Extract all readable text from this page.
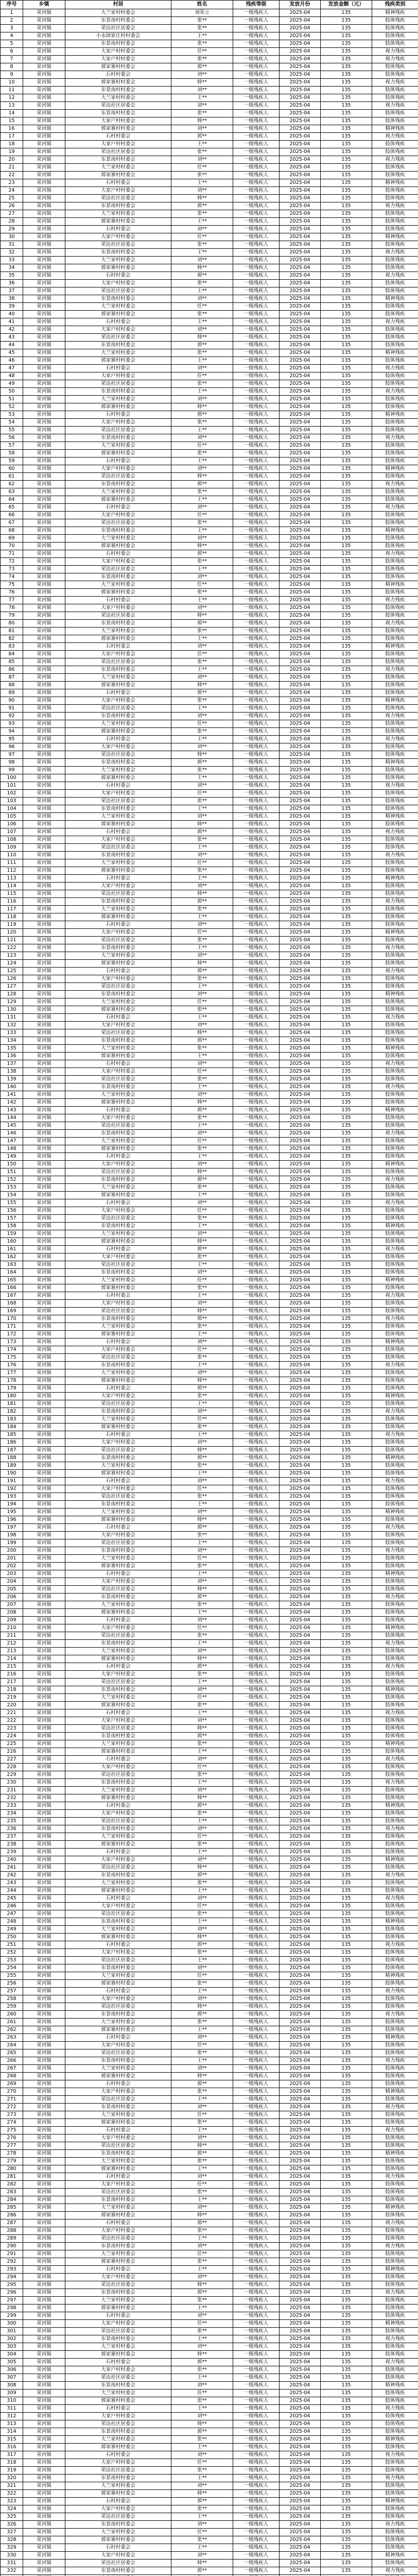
序号	乡镇	村居	姓名	残疾等级	发放月份	发放金额（元）	残疾类别
1	荣河镇	大兰家村村委会	刘荣立	一级残疾人	2025-04	135	精神残疾
2	荣河镇	东景南村村委会	张**	一级残疾人	2025-04	135	肢体残疾
3	荣河镇	荣达社区居委会	张**	一级残疾人	2025-04	135	肢体残疾
4	荣河镇	小永固家庄村村委会	王**	一级残疾人	2025-04	135	肢体残疾
5	荣河镇	东景南村村委会	张**	一级残疾人	2025-04	135	肢体残疾
6	荣河镇	大家户村村委会	任**	一级残疾人	2025-04	135	视力残疾
7	荣河镇	大家户村村委会	张**	一级残疾人	2025-04	135	视力残疾
8	荣河镇	郭家寨村村委会	郭**	一级残疾人	2025-04	135	肢体残疾
9	荣河镇	石村村委会	刘**	一级残疾人	2025-04	135	肢体残疾
10	荣河镇	郭家寨村村委会	韩**	一级残疾人	2025-04	135	视力残疾
11	荣河镇	东景南村村委会	刘**	一级残疾人	2025-04	135	肢体残疾
12	荣河镇	大兰家村村委会	王**	一级残疾人	2025-04	135	肢体残疾
13	荣河镇	荣达社区居委会	刘**	一级残疾人	2025-04	135	视力残疾
14	荣河镇	东景南村村委会	张**	一级残疾人	2025-04	135	肢体残疾
15	荣河镇	大家户村村委会	韩**	一级残疾人	2025-04	135	肢体残疾
16	荣河镇	郭家寨村村委会	刘**	一级残疾人	2025-04	135	精神残疾
17	荣河镇	石村村委会	郭**	一级残疾人	2025-04	135	视力残疾
18	荣河镇	大家户村村委会	王**	一级残疾人	2025-04	135	肢体残疾
19	荣河镇	荣达社区居委会	张**	一级残疾人	2025-04	135	肢体残疾
20	荣河镇	东景南村村委会	刘**	一级残疾人	2025-04	135	视力残疾
21	荣河镇	大兰家村村委会	任**	一级残疾人	2025-04	135	肢体残疾
22	荣河镇	郭家寨村村委会	张**	一级残疾人	2025-04	135	肢体残疾
23	荣河镇	石村村委会	王**	一级残疾人	2025-04	135	精神残疾
24	荣河镇	大家户村村委会	刘**	一级残疾人	2025-04	135	肢体残疾
25	荣河镇	荣达社区居委会	韩**	一级残疾人	2025-04	135	肢体残疾
26	荣河镇	东景南村村委会	郭**	一级残疾人	2025-04	135	视力残疾
27	荣河镇	大兰家村村委会	张**	一级残疾人	2025-04	135	肢体残疾
28	荣河镇	郭家寨村村委会	王**	一级残疾人	2025-04	135	肢体残疾
29	荣河镇	石村村委会	刘**	一级残疾人	2025-04	135	肢体残疾
30	荣河镇	大家户村村委会	任**	一级残疾人	2025-04	135	精神残疾
31	荣河镇	荣达社区居委会	张**	一级残疾人	2025-04	135	肢体残疾
32	荣河镇	东景南村村委会	王**	一级残疾人	2025-04	135	视力残疾
33	荣河镇	大兰家村村委会	刘**	一级残疾人	2025-04	135	肢体残疾
34	荣河镇	郭家寨村村委会	韩**	一级残疾人	2025-04	135	肢体残疾
35	荣河镇	石村村委会	郭**	一级残疾人	2025-04	135	视力残疾
36	荣河镇	大家户村村委会	张**	一级残疾人	2025-04	135	肢体残疾
37	荣河镇	荣达社区居委会	王**	一级残疾人	2025-04	135	肢体残疾
38	荣河镇	东景南村村委会	刘**	一级残疾人	2025-04	135	精神残疾
39	荣河镇	大兰家村村委会	任**	一级残疾人	2025-04	135	肢体残疾
40	荣河镇	郭家寨村村委会	张**	一级残疾人	2025-04	135	肢体残疾
41	荣河镇	石村村委会	王**	一级残疾人	2025-04	135	视力残疾
42	荣河镇	大家户村村委会	刘**	一级残疾人	2025-04	135	肢体残疾
43	荣河镇	荣达社区居委会	韩**	一级残疾人	2025-04	135	肢体残疾
44	荣河镇	东景南村村委会	郭**	一级残疾人	2025-04	135	肢体残疾
45	荣河镇	大兰家村村委会	张**	一级残疾人	2025-04	135	精神残疾
46	荣河镇	郭家寨村村委会	王**	一级残疾人	2025-04	135	肢体残疾
47	荣河镇	石村村委会	刘**	一级残疾人	2025-04	135	视力残疾
48	荣河镇	大家户村村委会	任**	一级残疾人	2025-04	135	肢体残疾
49	荣河镇	荣达社区居委会	张**	一级残疾人	2025-04	135	肢体残疾
50	荣河镇	东景南村村委会	王**	一级残疾人	2025-04	135	视力残疾
51	荣河镇	大兰家村村委会	刘**	一级残疾人	2025-04	135	肢体残疾
52	荣河镇	郭家寨村村委会	韩**	一级残疾人	2025-04	135	肢体残疾
53	荣河镇	石村村委会	郭**	一级残疾人	2025-04	135	精神残疾
54	荣河镇	大家户村村委会	张**	一级残疾人	2025-04	135	肢体残疾
55	荣河镇	荣达社区居委会	王**	一级残疾人	2025-04	135	肢体残疾
56	荣河镇	东景南村村委会	刘**	一级残疾人	2025-04	135	视力残疾
57	荣河镇	大兰家村村委会	任**	一级残疾人	2025-04	135	肢体残疾
58	荣河镇	郭家寨村村委会	张**	一级残疾人	2025-04	135	肢体残疾
59	荣河镇	石村村委会	王**	一级残疾人	2025-04	135	肢体残疾
60	荣河镇	大家户村村委会	刘**	一级残疾人	2025-04	135	精神残疾
61	荣河镇	荣达社区居委会	韩**	一级残疾人	2025-04	135	肢体残疾
62	荣河镇	东景南村村委会	郭**	一级残疾人	2025-04	135	视力残疾
63	荣河镇	大兰家村村委会	张**	一级残疾人	2025-04	135	肢体残疾
64	荣河镇	郭家寨村村委会	王**	一级残疾人	2025-04	135	肢体残疾
65	荣河镇	石村村委会	刘**	一级残疾人	2025-04	135	视力残疾
66	荣河镇	大家户村村委会	任**	一级残疾人	2025-04	135	肢体残疾
67	荣河镇	荣达社区居委会	张**	一级残疾人	2025-04	135	肢体残疾
68	荣河镇	东景南村村委会	王**	一级残疾人	2025-04	135	精神残疾
69	荣河镇	大兰家村村委会	刘**	一级残疾人	2025-04	135	肢体残疾
70	荣河镇	郭家寨村村委会	韩**	一级残疾人	2025-04	135	肢体残疾
71	荣河镇	石村村委会	郭**	一级残疾人	2025-04	135	视力残疾
72	荣河镇	大家户村村委会	张**	一级残疾人	2025-04	135	肢体残疾
73	荣河镇	荣达社区居委会	王**	一级残疾人	2025-04	135	肢体残疾
74	荣河镇	东景南村村委会	刘**	一级残疾人	2025-04	135	肢体残疾
75	荣河镇	大兰家村村委会	任**	一级残疾人	2025-04	135	精神残疾
76	荣河镇	郭家寨村村委会	张**	一级残疾人	2025-04	135	肢体残疾
77	荣河镇	石村村委会	王**	一级残疾人	2025-04	135	视力残疾
78	荣河镇	大家户村村委会	刘**	一级残疾人	2025-04	135	肢体残疾
79	荣河镇	荣达社区居委会	韩**	一级残疾人	2025-04	135	肢体残疾
80	荣河镇	东景南村村委会	郭**	一级残疾人	2025-04	135	视力残疾
81	荣河镇	大兰家村村委会	张**	一级残疾人	2025-04	135	肢体残疾
82	荣河镇	郭家寨村村委会	王**	一级残疾人	2025-04	135	肢体残疾
83	荣河镇	石村村委会	刘**	一级残疾人	2025-04	135	精神残疾
84	荣河镇	大家户村村委会	任**	一级残疾人	2025-04	135	肢体残疾
85	荣河镇	荣达社区居委会	张**	一级残疾人	2025-04	135	肢体残疾
86	荣河镇	东景南村村委会	王**	一级残疾人	2025-04	135	视力残疾
87	荣河镇	大兰家村村委会	刘**	一级残疾人	2025-04	135	肢体残疾
88	荣河镇	郭家寨村村委会	韩**	一级残疾人	2025-04	135	肢体残疾
89	荣河镇	石村村委会	郭**	一级残疾人	2025-04	135	肢体残疾
90	荣河镇	大家户村村委会	张**	一级残疾人	2025-04	135	精神残疾
91	荣河镇	荣达社区居委会	王**	一级残疾人	2025-04	135	肢体残疾
92	荣河镇	东景南村村委会	刘**	一级残疾人	2025-04	135	视力残疾
93	荣河镇	大兰家村村委会	任**	一级残疾人	2025-04	135	肢体残疾
94	荣河镇	郭家寨村村委会	张**	一级残疾人	2025-04	135	肢体残疾
95	荣河镇	石村村委会	王**	一级残疾人	2025-04	135	视力残疾
96	荣河镇	大家户村村委会	刘**	一级残疾人	2025-04	135	肢体残疾
97	荣河镇	荣达社区居委会	韩**	一级残疾人	2025-04	135	肢体残疾
98	荣河镇	东景南村村委会	郭**	一级残疾人	2025-04	135	精神残疾
99	荣河镇	大兰家村村委会	张**	一级残疾人	2025-04	135	肢体残疾
100	荣河镇	郭家寨村村委会	王**	一级残疾人	2025-04	135	肢体残疾
101	荣河镇	石村村委会	刘**	一级残疾人	2025-04	135	视力残疾
102	荣河镇	大家户村村委会	任**	一级残疾人	2025-04	135	肢体残疾
103	荣河镇	荣达社区居委会	张**	一级残疾人	2025-04	135	肢体残疾
104	荣河镇	东景南村村委会	王**	一级残疾人	2025-04	135	肢体残疾
105	荣河镇	大兰家村村委会	刘**	一级残疾人	2025-04	135	精神残疾
106	荣河镇	郭家寨村村委会	韩**	一级残疾人	2025-04	135	肢体残疾
107	荣河镇	石村村委会	郭**	一级残疾人	2025-04	135	视力残疾
108	荣河镇	大家户村村委会	张**	一级残疾人	2025-04	135	肢体残疾
109	荣河镇	荣达社区居委会	王**	一级残疾人	2025-04	135	肢体残疾
110	荣河镇	东景南村村委会	刘**	一级残疾人	2025-04	135	视力残疾
111	荣河镇	大兰家村村委会	任**	一级残疾人	2025-04	135	肢体残疾
112	荣河镇	郭家寨村村委会	张**	一级残疾人	2025-04	135	肢体残疾
113	荣河镇	石村村委会	王**	一级残疾人	2025-04	135	精神残疾
114	荣河镇	大家户村村委会	刘**	一级残疾人	2025-04	135	肢体残疾
115	荣河镇	荣达社区居委会	韩**	一级残疾人	2025-04	135	肢体残疾
116	荣河镇	东景南村村委会	郭**	一级残疾人	2025-04	135	视力残疾
117	荣河镇	大兰家村村委会	张**	一级残疾人	2025-04	135	肢体残疾
118	荣河镇	郭家寨村村委会	王**	一级残疾人	2025-04	135	肢体残疾
119	荣河镇	石村村委会	刘**	一级残疾人	2025-04	135	肢体残疾
120	荣河镇	大家户村村委会	任**	一级残疾人	2025-04	135	精神残疾
121	荣河镇	荣达社区居委会	张**	一级残疾人	2025-04	135	肢体残疾
122	荣河镇	东景南村村委会	王**	一级残疾人	2025-04	135	视力残疾
123	荣河镇	大兰家村村委会	刘**	一级残疾人	2025-04	135	肢体残疾
124	荣河镇	郭家寨村村委会	韩**	一级残疾人	2025-04	135	肢体残疾
125	荣河镇	石村村委会	郭**	一级残疾人	2025-04	135	视力残疾
126	荣河镇	大家户村村委会	张**	一级残疾人	2025-04	135	肢体残疾
127	荣河镇	荣达社区居委会	王**	一级残疾人	2025-04	135	肢体残疾
128	荣河镇	东景南村村委会	刘**	一级残疾人	2025-04	135	精神残疾
129	荣河镇	大兰家村村委会	任**	一级残疾人	2025-04	135	肢体残疾
130	荣河镇	郭家寨村村委会	张**	一级残疾人	2025-04	135	肢体残疾
131	荣河镇	石村村委会	王**	一级残疾人	2025-04	135	视力残疾
132	荣河镇	大家户村村委会	刘**	一级残疾人	2025-04	135	肢体残疾
133	荣河镇	荣达社区居委会	韩**	一级残疾人	2025-04	135	肢体残疾
134	荣河镇	东景南村村委会	郭**	一级残疾人	2025-04	135	肢体残疾
135	荣河镇	大兰家村村委会	张**	一级残疾人	2025-04	135	精神残疾
136	荣河镇	郭家寨村村委会	王**	一级残疾人	2025-04	135	肢体残疾
137	荣河镇	石村村委会	刘**	一级残疾人	2025-04	135	视力残疾
138	荣河镇	大家户村村委会	任**	一级残疾人	2025-04	135	肢体残疾
139	荣河镇	荣达社区居委会	张**	一级残疾人	2025-04	135	肢体残疾
140	荣河镇	东景南村村委会	王**	一级残疾人	2025-04	135	视力残疾
141	荣河镇	大兰家村村委会	刘**	一级残疾人	2025-04	135	肢体残疾
142	荣河镇	郭家寨村村委会	韩**	一级残疾人	2025-04	135	肢体残疾
143	荣河镇	石村村委会	郭**	一级残疾人	2025-04	135	精神残疾
144	荣河镇	大家户村村委会	张**	一级残疾人	2025-04	135	肢体残疾
145	荣河镇	荣达社区居委会	王**	一级残疾人	2025-04	135	肢体残疾
146	荣河镇	东景南村村委会	刘**	一级残疾人	2025-04	135	视力残疾
147	荣河镇	大兰家村村委会	任**	一级残疾人	2025-04	135	肢体残疾
148	荣河镇	郭家寨村村委会	张**	一级残疾人	2025-04	135	肢体残疾
149	荣河镇	石村村委会	王**	一级残疾人	2025-04	135	肢体残疾
150	荣河镇	大家户村村委会	刘**	一级残疾人	2025-04	135	精神残疾
151	荣河镇	荣达社区居委会	韩**	一级残疾人	2025-04	135	肢体残疾
152	荣河镇	东景南村村委会	郭**	一级残疾人	2025-04	135	视力残疾
153	荣河镇	大兰家村村委会	张**	一级残疾人	2025-04	135	肢体残疾
154	荣河镇	郭家寨村村委会	王**	一级残疾人	2025-04	135	肢体残疾
155	荣河镇	石村村委会	刘**	一级残疾人	2025-04	135	视力残疾
156	荣河镇	大家户村村委会	任**	一级残疾人	2025-04	135	肢体残疾
157	荣河镇	荣达社区居委会	张**	一级残疾人	2025-04	135	肢体残疾
158	荣河镇	东景南村村委会	王**	一级残疾人	2025-04	135	精神残疾
159	荣河镇	大兰家村村委会	刘**	一级残疾人	2025-04	135	肢体残疾
160	荣河镇	郭家寨村村委会	韩**	一级残疾人	2025-04	135	肢体残疾
161	荣河镇	石村村委会	郭**	一级残疾人	2025-04	135	视力残疾
162	荣河镇	大家户村村委会	张**	一级残疾人	2025-04	135	肢体残疾
163	荣河镇	荣达社区居委会	王**	一级残疾人	2025-04	135	肢体残疾
164	荣河镇	东景南村村委会	刘**	一级残疾人	2025-04	135	肢体残疾
165	荣河镇	大兰家村村委会	任**	一级残疾人	2025-04	135	精神残疾
166	荣河镇	郭家寨村村委会	张**	一级残疾人	2025-04	135	肢体残疾
167	荣河镇	石村村委会	王**	一级残疾人	2025-04	135	视力残疾
168	荣河镇	大家户村村委会	刘**	一级残疾人	2025-04	135	肢体残疾
169	荣河镇	荣达社区居委会	韩**	一级残疾人	2025-04	135	肢体残疾
170	荣河镇	东景南村村委会	郭**	一级残疾人	2025-04	135	视力残疾
171	荣河镇	大兰家村村委会	张**	一级残疾人	2025-04	135	肢体残疾
172	荣河镇	郭家寨村村委会	王**	一级残疾人	2025-04	135	肢体残疾
173	荣河镇	石村村委会	刘**	一级残疾人	2025-04	135	精神残疾
174	荣河镇	大家户村村委会	任**	一级残疾人	2025-04	135	肢体残疾
175	荣河镇	荣达社区居委会	张**	一级残疾人	2025-04	135	肢体残疾
176	荣河镇	东景南村村委会	王**	一级残疾人	2025-04	135	视力残疾
177	荣河镇	大兰家村村委会	刘**	一级残疾人	2025-04	135	肢体残疾
178	荣河镇	郭家寨村村委会	韩**	一级残疾人	2025-04	135	肢体残疾
179	荣河镇	石村村委会	郭**	一级残疾人	2025-04	135	肢体残疾
180	荣河镇	大家户村村委会	张**	一级残疾人	2025-04	135	精神残疾
181	荣河镇	荣达社区居委会	王**	一级残疾人	2025-04	135	肢体残疾
182	荣河镇	东景南村村委会	刘**	一级残疾人	2025-04	135	视力残疾
183	荣河镇	大兰家村村委会	任**	一级残疾人	2025-04	135	肢体残疾
184	荣河镇	郭家寨村村委会	张**	一级残疾人	2025-04	135	肢体残疾
185	荣河镇	石村村委会	王**	一级残疾人	2025-04	135	视力残疾
186	荣河镇	大家户村村委会	刘**	一级残疾人	2025-04	135	肢体残疾
187	荣河镇	荣达社区居委会	韩**	一级残疾人	2025-04	135	肢体残疾
188	荣河镇	东景南村村委会	郭**	一级残疾人	2025-04	135	精神残疾
189	荣河镇	大兰家村村委会	张**	一级残疾人	2025-04	135	肢体残疾
190	荣河镇	郭家寨村村委会	王**	一级残疾人	2025-04	135	肢体残疾
191	荣河镇	石村村委会	刘**	一级残疾人	2025-04	135	视力残疾
192	荣河镇	大家户村村委会	任**	一级残疾人	2025-04	135	肢体残疾
193	荣河镇	荣达社区居委会	张**	一级残疾人	2025-04	135	肢体残疾
194	荣河镇	东景南村村委会	王**	一级残疾人	2025-04	135	肢体残疾
195	荣河镇	大兰家村村委会	刘**	一级残疾人	2025-04	135	精神残疾
196	荣河镇	郭家寨村村委会	韩**	一级残疾人	2025-04	135	肢体残疾
197	荣河镇	石村村委会	郭**	一级残疾人	2025-04	135	视力残疾
198	荣河镇	大家户村村委会	张**	一级残疾人	2025-04	135	肢体残疾
199	荣河镇	荣达社区居委会	王**	一级残疾人	2025-04	135	肢体残疾
200	荣河镇	东景南村村委会	刘**	一级残疾人	2025-04	135	视力残疾
201	荣河镇	大兰家村村委会	任**	一级残疾人	2025-04	135	肢体残疾
202	荣河镇	郭家寨村村委会	张**	一级残疾人	2025-04	135	肢体残疾
203	荣河镇	石村村委会	王**	一级残疾人	2025-04	135	精神残疾
204	荣河镇	大家户村村委会	刘**	一级残疾人	2025-04	135	肢体残疾
205	荣河镇	荣达社区居委会	韩**	一级残疾人	2025-04	135	肢体残疾
206	荣河镇	东景南村村委会	郭**	一级残疾人	2025-04	135	视力残疾
207	荣河镇	大兰家村村委会	张**	一级残疾人	2025-04	135	肢体残疾
208	荣河镇	郭家寨村村委会	王**	一级残疾人	2025-04	135	肢体残疾
209	荣河镇	石村村委会	刘**	一级残疾人	2025-04	135	肢体残疾
210	荣河镇	大家户村村委会	任**	一级残疾人	2025-04	135	精神残疾
211	荣河镇	荣达社区居委会	张**	一级残疾人	2025-04	135	肢体残疾
212	荣河镇	东景南村村委会	王**	一级残疾人	2025-04	135	视力残疾
213	荣河镇	大兰家村村委会	刘**	一级残疾人	2025-04	135	肢体残疾
214	荣河镇	郭家寨村村委会	韩**	一级残疾人	2025-04	135	肢体残疾
215	荣河镇	石村村委会	郭**	一级残疾人	2025-04	135	视力残疾
216	荣河镇	大家户村村委会	张**	一级残疾人	2025-04	135	肢体残疾
217	荣河镇	荣达社区居委会	王**	一级残疾人	2025-04	135	肢体残疾
218	荣河镇	东景南村村委会	刘**	一级残疾人	2025-04	135	精神残疾
219	荣河镇	大兰家村村委会	任**	一级残疾人	2025-04	135	肢体残疾
220	荣河镇	郭家寨村村委会	张**	一级残疾人	2025-04	135	肢体残疾
221	荣河镇	石村村委会	王**	一级残疾人	2025-04	135	视力残疾
222	荣河镇	大家户村村委会	刘**	一级残疾人	2025-04	135	肢体残疾
223	荣河镇	荣达社区居委会	韩**	一级残疾人	2025-04	135	肢体残疾
224	荣河镇	东景南村村委会	郭**	一级残疾人	2025-04	135	肢体残疾
225	荣河镇	大兰家村村委会	张**	一级残疾人	2025-04	135	精神残疾
226	荣河镇	郭家寨村村委会	王**	一级残疾人	2025-04	135	肢体残疾
227	荣河镇	石村村委会	刘**	一级残疾人	2025-04	135	视力残疾
228	荣河镇	大家户村村委会	任**	一级残疾人	2025-04	135	肢体残疾
229	荣河镇	荣达社区居委会	张**	一级残疾人	2025-04	135	肢体残疾
230	荣河镇	东景南村村委会	王**	一级残疾人	2025-04	135	视力残疾
231	荣河镇	大兰家村村委会	刘**	一级残疾人	2025-04	135	肢体残疾
232	荣河镇	郭家寨村村委会	韩**	一级残疾人	2025-04	135	肢体残疾
233	荣河镇	石村村委会	郭**	一级残疾人	2025-04	135	精神残疾
234	荣河镇	大家户村村委会	张**	一级残疾人	2025-04	135	肢体残疾
235	荣河镇	荣达社区居委会	王**	一级残疾人	2025-04	135	肢体残疾
236	荣河镇	东景南村村委会	刘**	一级残疾人	2025-04	135	视力残疾
237	荣河镇	大兰家村村委会	任**	一级残疾人	2025-04	135	肢体残疾
238	荣河镇	郭家寨村村委会	张**	一级残疾人	2025-04	135	肢体残疾
239	荣河镇	石村村委会	王**	一级残疾人	2025-04	135	肢体残疾
240	荣河镇	大家户村村委会	刘**	一级残疾人	2025-04	135	精神残疾
241	荣河镇	荣达社区居委会	韩**	一级残疾人	2025-04	135	肢体残疾
242	荣河镇	东景南村村委会	郭**	一级残疾人	2025-04	135	视力残疾
243	荣河镇	大兰家村村委会	张**	一级残疾人	2025-04	135	肢体残疾
244	荣河镇	郭家寨村村委会	王**	一级残疾人	2025-04	135	肢体残疾
245	荣河镇	石村村委会	刘**	一级残疾人	2025-04	135	视力残疾
246	荣河镇	大家户村村委会	任**	一级残疾人	2025-04	135	肢体残疾
247	荣河镇	荣达社区居委会	张**	一级残疾人	2025-04	135	肢体残疾
248	荣河镇	东景南村村委会	王**	一级残疾人	2025-04	135	精神残疾
249	荣河镇	大兰家村村委会	刘**	一级残疾人	2025-04	135	肢体残疾
250	荣河镇	郭家寨村村委会	韩**	一级残疾人	2025-04	135	肢体残疾
251	荣河镇	石村村委会	郭**	一级残疾人	2025-04	135	视力残疾
252	荣河镇	大家户村村委会	张**	一级残疾人	2025-04	135	肢体残疾
253	荣河镇	荣达社区居委会	王**	一级残疾人	2025-04	135	肢体残疾
254	荣河镇	东景南村村委会	刘**	一级残疾人	2025-04	135	肢体残疾
255	荣河镇	大兰家村村委会	任**	一级残疾人	2025-04	135	精神残疾
256	荣河镇	郭家寨村村委会	张**	一级残疾人	2025-04	135	肢体残疾
257	荣河镇	石村村委会	王**	一级残疾人	2025-04	135	视力残疾
258	荣河镇	大家户村村委会	刘**	一级残疾人	2025-04	135	肢体残疾
259	荣河镇	荣达社区居委会	韩**	一级残疾人	2025-04	135	肢体残疾
260	荣河镇	东景南村村委会	郭**	一级残疾人	2025-04	135	视力残疾
261	荣河镇	大兰家村村委会	张**	一级残疾人	2025-04	135	肢体残疾
262	荣河镇	郭家寨村村委会	王**	一级残疾人	2025-04	135	肢体残疾
263	荣河镇	石村村委会	刘**	一级残疾人	2025-04	135	精神残疾
264	荣河镇	大家户村村委会	任**	一级残疾人	2025-04	135	肢体残疾
265	荣河镇	荣达社区居委会	张**	一级残疾人	2025-04	135	肢体残疾
266	荣河镇	东景南村村委会	王**	一级残疾人	2025-04	135	视力残疾
267	荣河镇	大兰家村村委会	刘**	一级残疾人	2025-04	135	肢体残疾
268	荣河镇	郭家寨村村委会	韩**	一级残疾人	2025-04	135	肢体残疾
269	荣河镇	石村村委会	郭**	一级残疾人	2025-04	135	肢体残疾
270	荣河镇	大家户村村委会	张**	一级残疾人	2025-04	135	精神残疾
271	荣河镇	荣达社区居委会	王**	一级残疾人	2025-04	135	肢体残疾
272	荣河镇	东景南村村委会	刘**	一级残疾人	2025-04	135	视力残疾
273	荣河镇	大兰家村村委会	任**	一级残疾人	2025-04	135	肢体残疾
274	荣河镇	郭家寨村村委会	张**	一级残疾人	2025-04	135	肢体残疾
275	荣河镇	石村村委会	王**	一级残疾人	2025-04	135	视力残疾
276	荣河镇	大家户村村委会	刘**	一级残疾人	2025-04	135	肢体残疾
277	荣河镇	荣达社区居委会	韩**	一级残疾人	2025-04	135	肢体残疾
278	荣河镇	东景南村村委会	郭**	一级残疾人	2025-04	135	精神残疾
279	荣河镇	大兰家村村委会	张**	一级残疾人	2025-04	135	肢体残疾
280	荣河镇	郭家寨村村委会	王**	一级残疾人	2025-04	135	肢体残疾
281	荣河镇	石村村委会	刘**	一级残疾人	2025-04	135	视力残疾
282	荣河镇	大家户村村委会	任**	一级残疾人	2025-04	135	肢体残疾
283	荣河镇	荣达社区居委会	张**	一级残疾人	2025-04	135	肢体残疾
284	荣河镇	东景南村村委会	王**	一级残疾人	2025-04	135	肢体残疾
285	荣河镇	大兰家村村委会	刘**	一级残疾人	2025-04	135	精神残疾
286	荣河镇	郭家寨村村委会	韩**	一级残疾人	2025-04	135	肢体残疾
287	荣河镇	石村村委会	郭**	一级残疾人	2025-04	135	视力残疾
288	荣河镇	大家户村村委会	张**	一级残疾人	2025-04	135	肢体残疾
289	荣河镇	荣达社区居委会	王**	一级残疾人	2025-04	135	肢体残疾
290	荣河镇	东景南村村委会	刘**	一级残疾人	2025-04	135	视力残疾
291	荣河镇	大兰家村村委会	任**	一级残疾人	2025-04	135	肢体残疾
292	荣河镇	郭家寨村村委会	张**	一级残疾人	2025-04	135	肢体残疾
293	荣河镇	石村村委会	王**	一级残疾人	2025-04	135	精神残疾
294	荣河镇	大家户村村委会	刘**	一级残疾人	2025-04	135	肢体残疾
295	荣河镇	荣达社区居委会	韩**	一级残疾人	2025-04	135	肢体残疾
296	荣河镇	东景南村村委会	郭**	一级残疾人	2025-04	135	视力残疾
297	荣河镇	大兰家村村委会	张**	一级残疾人	2025-04	135	肢体残疾
298	荣河镇	郭家寨村村委会	王**	一级残疾人	2025-04	135	肢体残疾
299	荣河镇	石村村委会	刘**	一级残疾人	2025-04	135	肢体残疾
300	荣河镇	大家户村村委会	任**	一级残疾人	2025-04	135	精神残疾
301	荣河镇	荣达社区居委会	张**	一级残疾人	2025-04	135	肢体残疾
302	荣河镇	东景南村村委会	王**	一级残疾人	2025-04	135	视力残疾
303	荣河镇	大兰家村村委会	刘**	一级残疾人	2025-04	135	肢体残疾
304	荣河镇	郭家寨村村委会	韩**	一级残疾人	2025-04	135	肢体残疾
305	荣河镇	石村村委会	郭**	一级残疾人	2025-04	135	视力残疾
306	荣河镇	大家户村村委会	张**	一级残疾人	2025-04	135	肢体残疾
307	荣河镇	荣达社区居委会	王**	一级残疾人	2025-04	135	肢体残疾
308	荣河镇	东景南村村委会	刘**	一级残疾人	2025-04	135	精神残疾
309	荣河镇	大兰家村村委会	任**	一级残疾人	2025-04	135	肢体残疾
310	荣河镇	郭家寨村村委会	张**	一级残疾人	2025-04	135	肢体残疾
311	荣河镇	石村村委会	王**	一级残疾人	2025-04	135	视力残疾
312	荣河镇	大家户村村委会	刘**	一级残疾人	2025-04	135	肢体残疾
313	荣河镇	荣达社区居委会	韩**	一级残疾人	2025-04	135	肢体残疾
314	荣河镇	东景南村村委会	郭**	一级残疾人	2025-04	135	肢体残疾
315	荣河镇	大兰家村村委会	张**	一级残疾人	2025-04	135	精神残疾
316	荣河镇	郭家寨村村委会	王**	一级残疾人	2025-04	135	肢体残疾
317	荣河镇	石村村委会	刘**	一级残疾人	2025-04	135	视力残疾
318	荣河镇	大家户村村委会	任**	一级残疾人	2025-04	135	肢体残疾
319	荣河镇	荣达社区居委会	张**	一级残疾人	2025-04	135	肢体残疾
320	荣河镇	东景南村村委会	王**	一级残疾人	2025-04	135	视力残疾
321	荣河镇	大兰家村村委会	刘**	一级残疾人	2025-04	135	肢体残疾
322	荣河镇	郭家寨村村委会	韩**	一级残疾人	2025-04	135	肢体残疾
323	荣河镇	石村村委会	郭**	一级残疾人	2025-04	135	精神残疾
324	荣河镇	大家户村村委会	张**	一级残疾人	2025-04	135	肢体残疾
325	荣河镇	荣达社区居委会	王**	一级残疾人	2025-04	135	肢体残疾
326	荣河镇	东景南村村委会	刘**	一级残疾人	2025-04	135	视力残疾
327	荣河镇	大兰家村村委会	任**	一级残疾人	2025-04	135	肢体残疾
328	荣河镇	郭家寨村村委会	张**	一级残疾人	2025-04	135	肢体残疾
329	荣河镇	石村村委会	王**	一级残疾人	2025-04	135	肢体残疾
330	荣河镇	大家户村村委会	刘**	一级残疾人	2025-04	135	精神残疾
331	荣河镇	荣达社区居委会	韩**	一级残疾人	2025-04	135	肢体残疾
332	荣河镇	东景南村村委会	郭**	一级残疾人	2025-04	135	视力残疾
